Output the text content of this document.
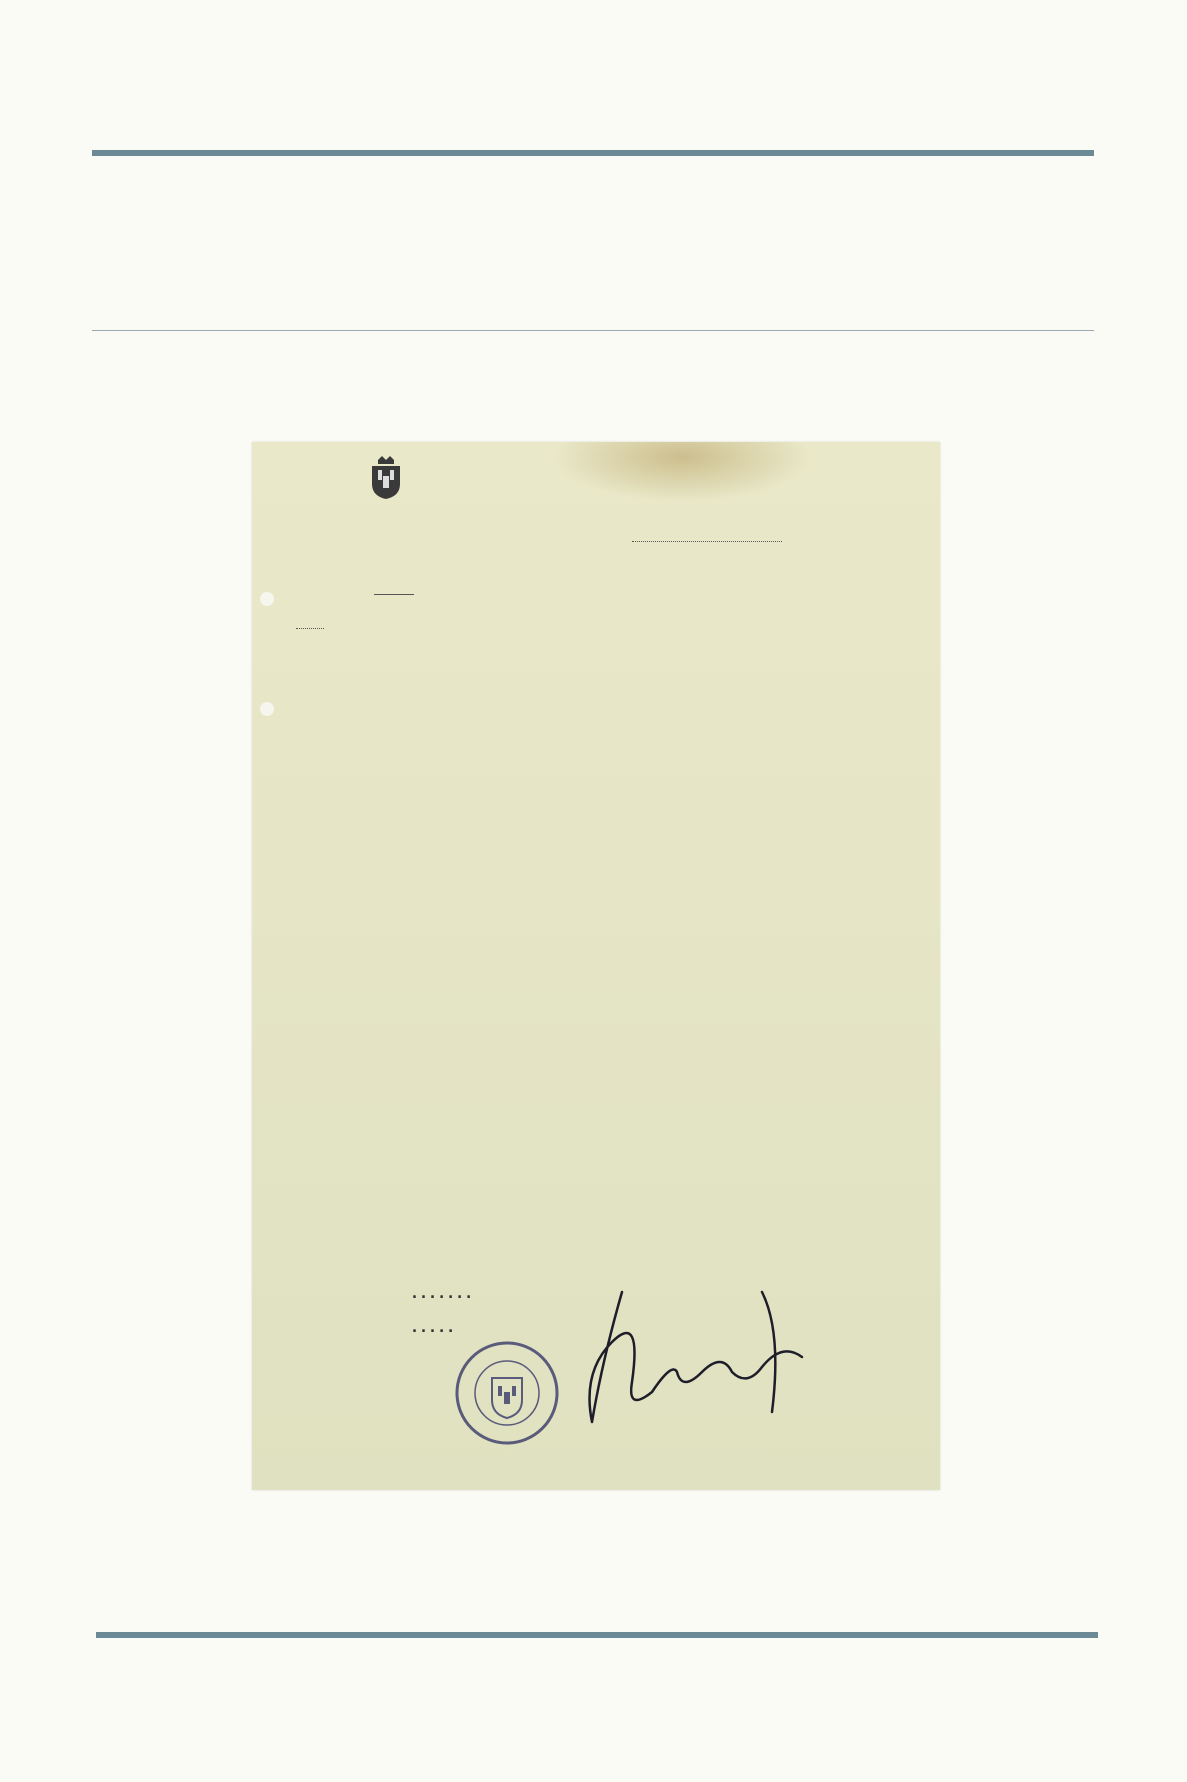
.......
.....
